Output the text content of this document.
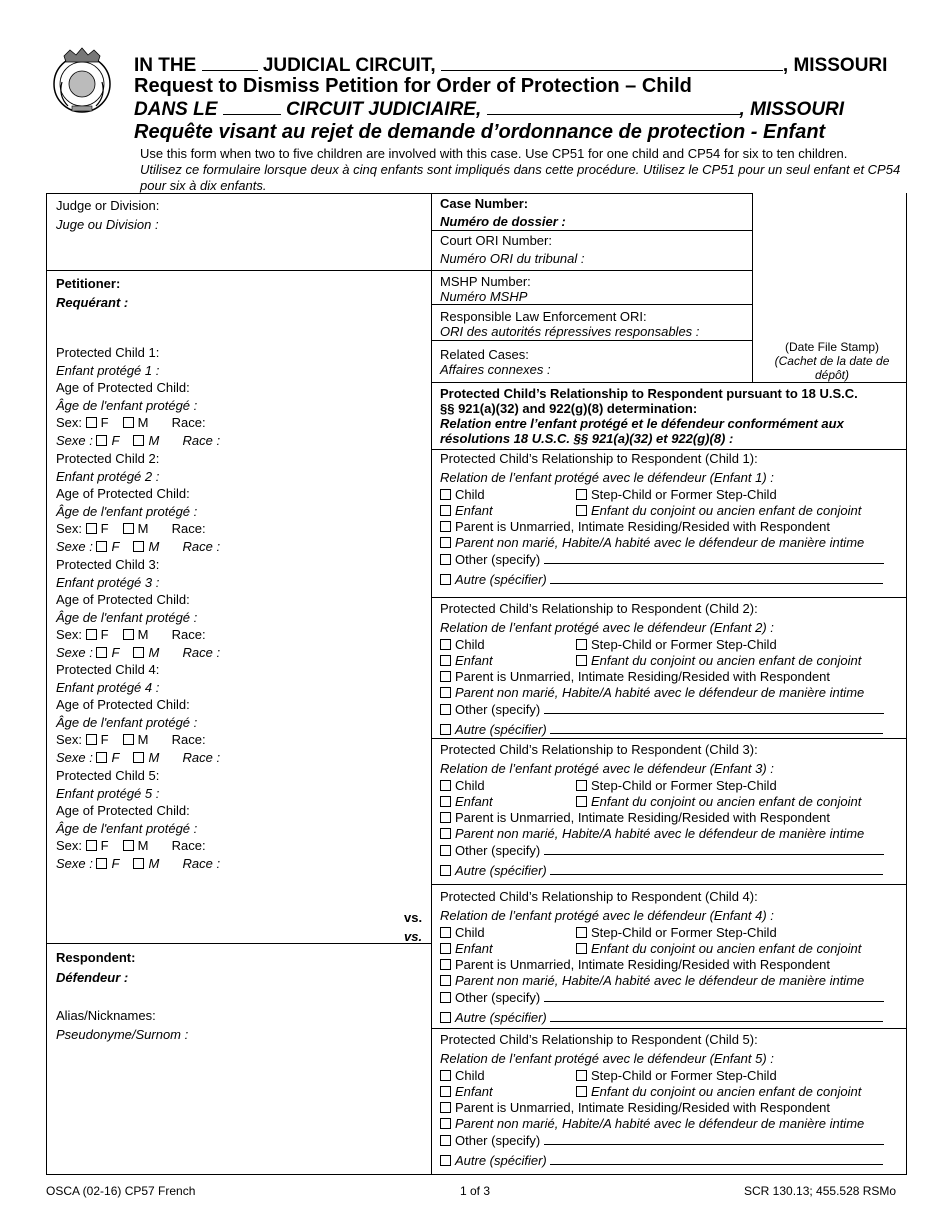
IN THE	JUDICIAL CIRCUIT,	, MISSOURI
Request to Dismiss Petition for Order of Protection – Child
DANS LE	CIRCUIT JUDICIAIRE,	, MISSOURI
Requête visant au rejet de demande d’ordonnance de protection - Enfant
Use this form when two to five children are involved with this case. Use CP51 for one child and CP54 for six to ten children.
Utilisez ce formulaire lorsque deux à cinq enfants sont impliqués dans cette procédure. Utilisez le CP51 pour un seul enfant et CP54 pour six à dix enfants.
Judge or Division:
Juge ou Division :
Petitioner:
Requérant :
Protected Child 1:
Enfant protégé 1 :
Age of Protected Child:
Âge de l'enfant protégé :
Sex: F M Race:
Sexe : F M Race :
Protected Child 2:
Enfant protégé 2 :
Age of Protected Child:
Âge de l'enfant protégé :
Sex: F M Race:
Sexe : F M Race :
Protected Child 3:
Enfant protégé 3 :
Age of Protected Child:
Âge de l'enfant protégé :
Sex: F M Race:
Sexe : F M Race :
Protected Child 4:
Enfant protégé 4 :
Age of Protected Child:
Âge de l'enfant protégé :
Sex: F M Race:
Sexe : F M Race :
Protected Child 5:
Enfant protégé 5 :
Age of Protected Child:
Âge de l'enfant protégé :
Sex: F M Race:
Sexe : F M Race :
vs.
vs.
Respondent:
Défendeur :
Alias/Nicknames:
Pseudonyme/Surnom :
Case Number:
Numéro de dossier :
Court ORI Number:
Numéro ORI du tribunal :
MSHP Number:
Numéro MSHP
Responsible Law Enforcement ORI:
ORI des autorités répressives responsables :
Related Cases:
Affaires connexes :
(Date File Stamp)
(Cachet de la date de
dépôt)
Protected Child’s Relationship to Respondent pursuant to 18 U.S.C.
§§ 921(a)(32) and 922(g)(8) determination:
Relation entre l’enfant protégé et le défendeur conformément aux
résolutions 18 U.S.C. §§ 921(a)(32) et 922(g)(8) :
Protected Child’s Relationship to Respondent (Child 1):
Relation de l’enfant protégé avec le défendeur (Enfant 1) :
Child	Step-Child or Former Step-Child
Enfant	Enfant du conjoint ou ancien enfant de conjoint
Parent is Unmarried, Intimate Residing/Resided with Respondent
Parent non marié, Habite/A habité avec le défendeur de manière intime
Other (specify)
Autre (spécifier)
Protected Child’s Relationship to Respondent (Child 2):
Relation de l’enfant protégé avec le défendeur (Enfant 2) :
Child	Step-Child or Former Step-Child
Enfant	Enfant du conjoint ou ancien enfant de conjoint
Parent is Unmarried, Intimate Residing/Resided with Respondent
Parent non marié, Habite/A habité avec le défendeur de manière intime
Other (specify)
Autre (spécifier)
Protected Child’s Relationship to Respondent (Child 3):
Relation de l’enfant protégé avec le défendeur (Enfant 3) :
Child	Step-Child or Former Step-Child
Enfant	Enfant du conjoint ou ancien enfant de conjoint
Parent is Unmarried, Intimate Residing/Resided with Respondent
Parent non marié, Habite/A habité avec le défendeur de manière intime
Other (specify)
Autre (spécifier)
Protected Child’s Relationship to Respondent (Child 4):
Relation de l’enfant protégé avec le défendeur (Enfant 4) :
Child	Step-Child or Former Step-Child
Enfant	Enfant du conjoint ou ancien enfant de conjoint
Parent is Unmarried, Intimate Residing/Resided with Respondent
Parent non marié, Habite/A habité avec le défendeur de manière intime
Other (specify)
Autre (spécifier)
Protected Child’s Relationship to Respondent (Child 5):
Relation de l’enfant protégé avec le défendeur (Enfant 5) :
Child	Step-Child or Former Step-Child
Enfant	Enfant du conjoint ou ancien enfant de conjoint
Parent is Unmarried, Intimate Residing/Resided with Respondent
Parent non marié, Habite/A habité avec le défendeur de manière intime
Other (specify)
Autre (spécifier)
OSCA (02-16) CP57 French	1 of 3	SCR 130.13; 455.528 RSMo
